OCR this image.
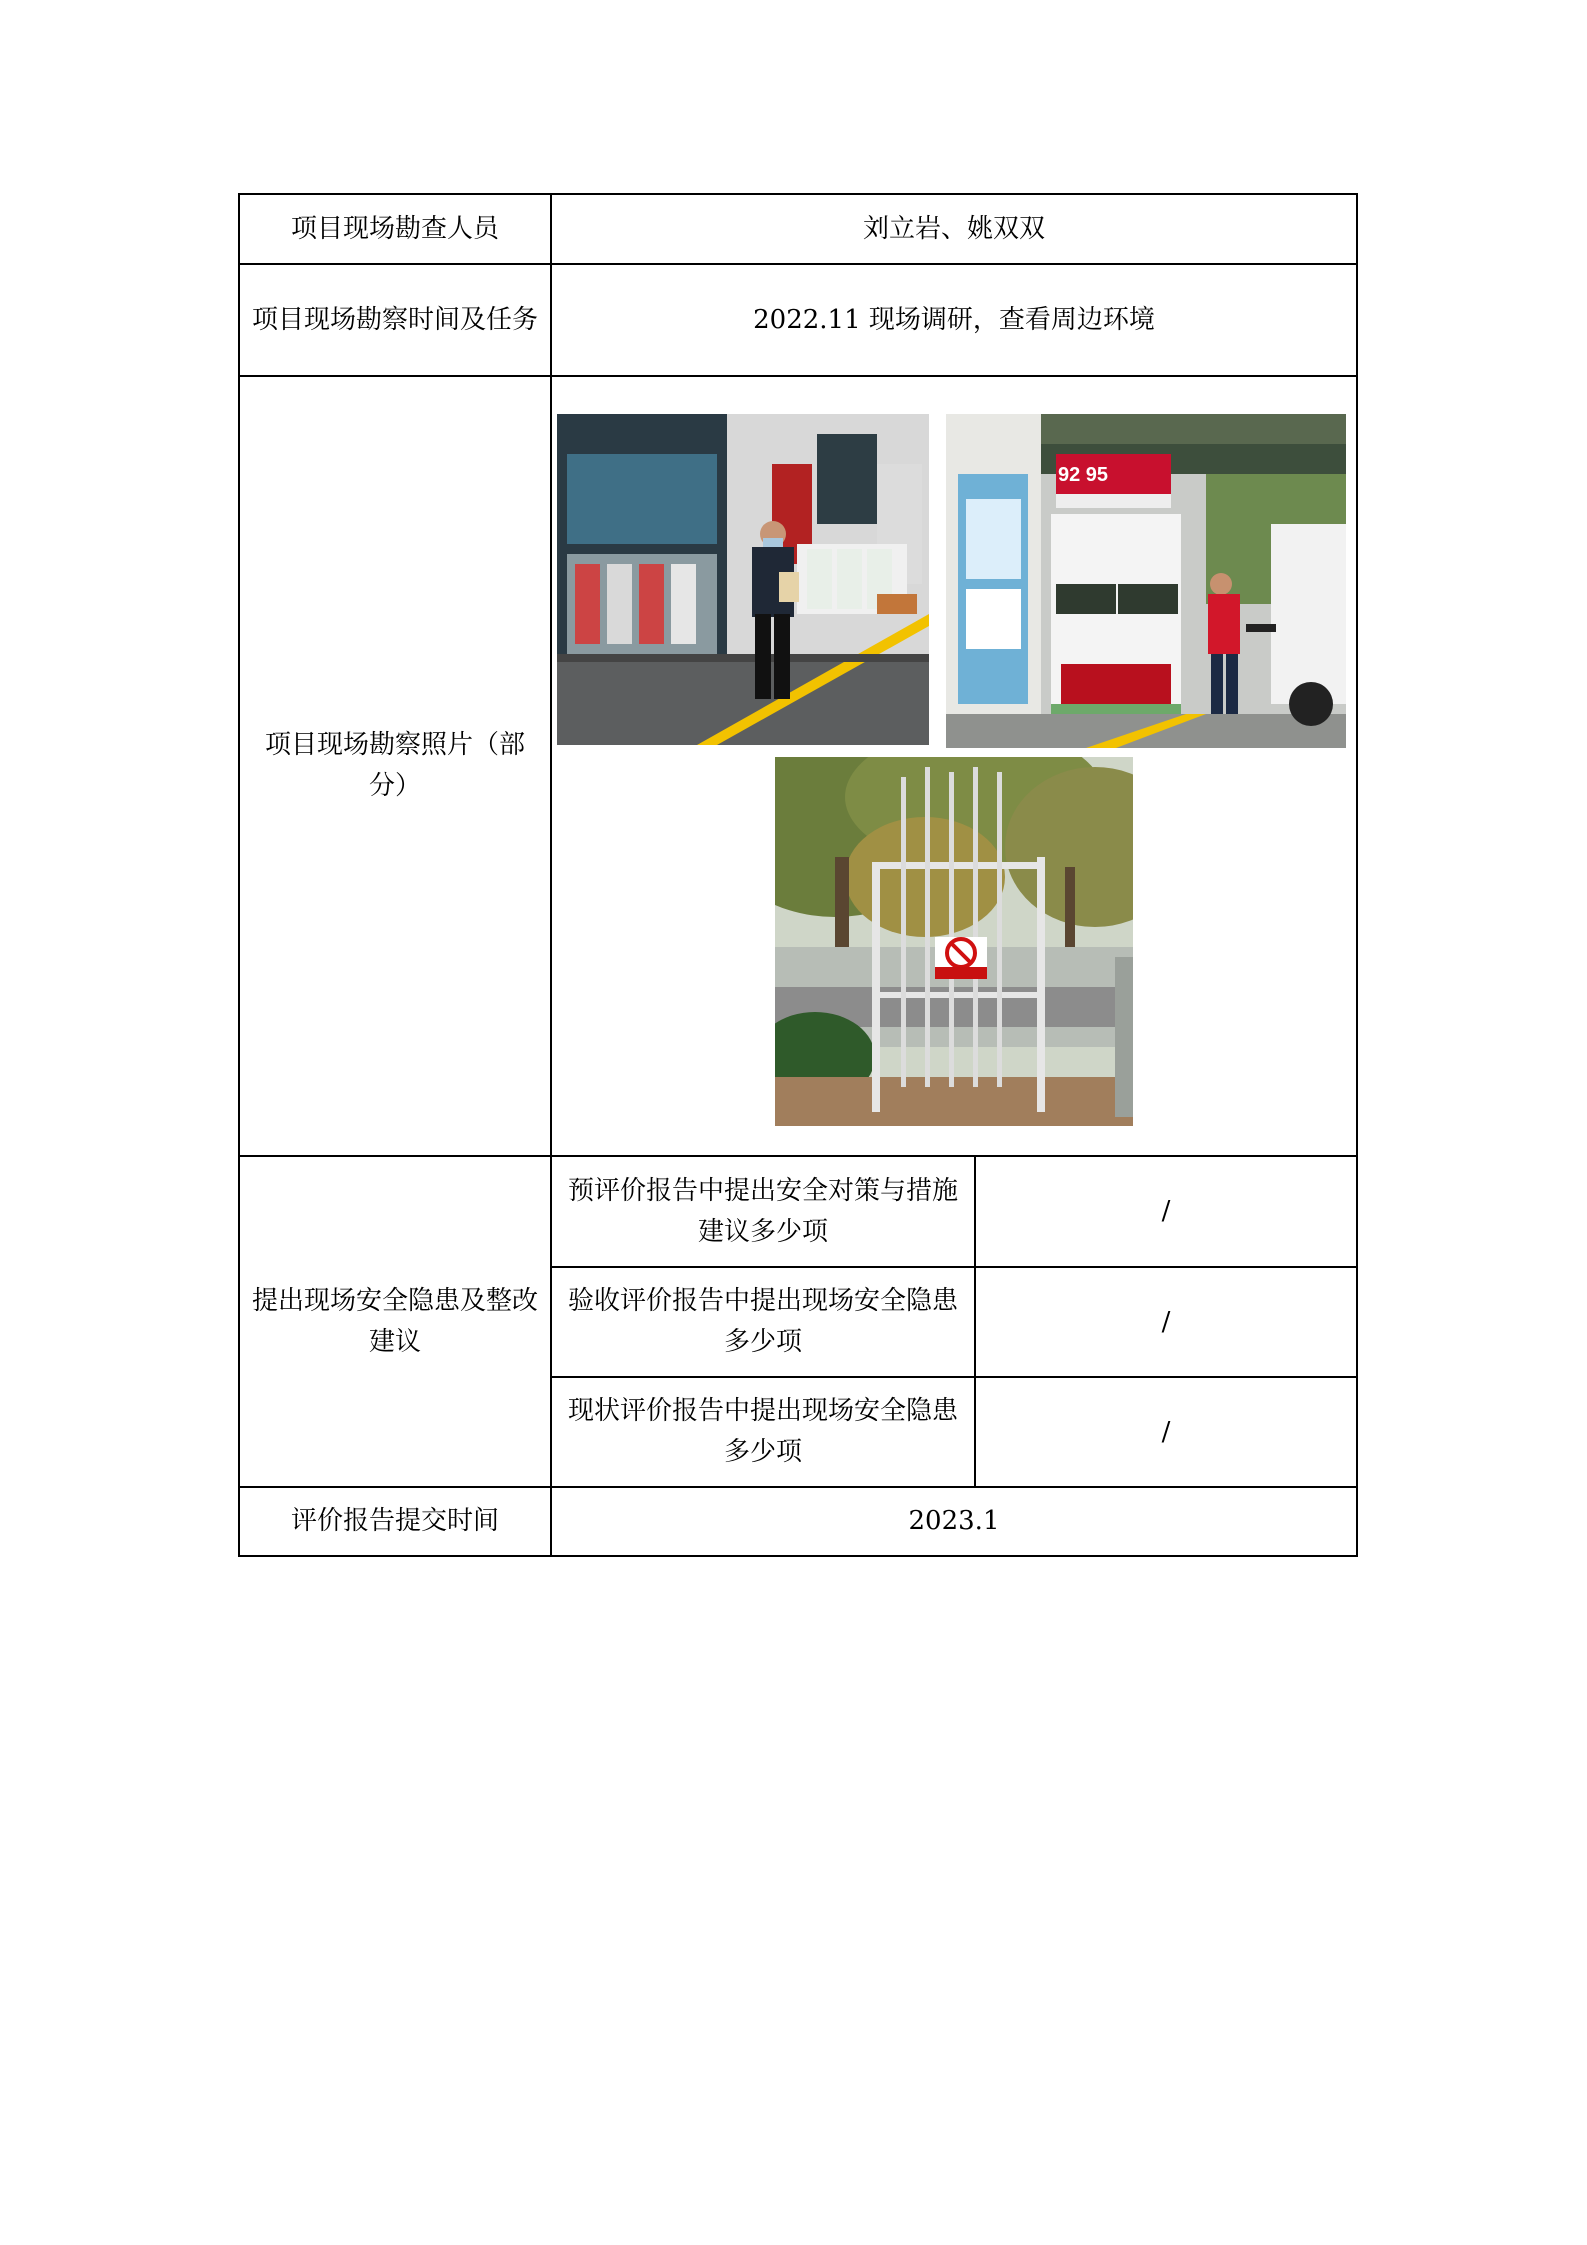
项目现场勘查人员	刘立岩、姚双双	
项目现场勘察时间及任务	2022.11 现场调研，查看周边环境	
项目现场勘察照片（部分）	92 95	

提出现场安全隐患及整改建议	预评价报告中提出安全对策与措施建议多少项	/
	验收评价报告中提出现场安全隐患多少项	/
	现状评价报告中提出现场安全隐患多少项	/
评价报告提交时间	2023.1	
